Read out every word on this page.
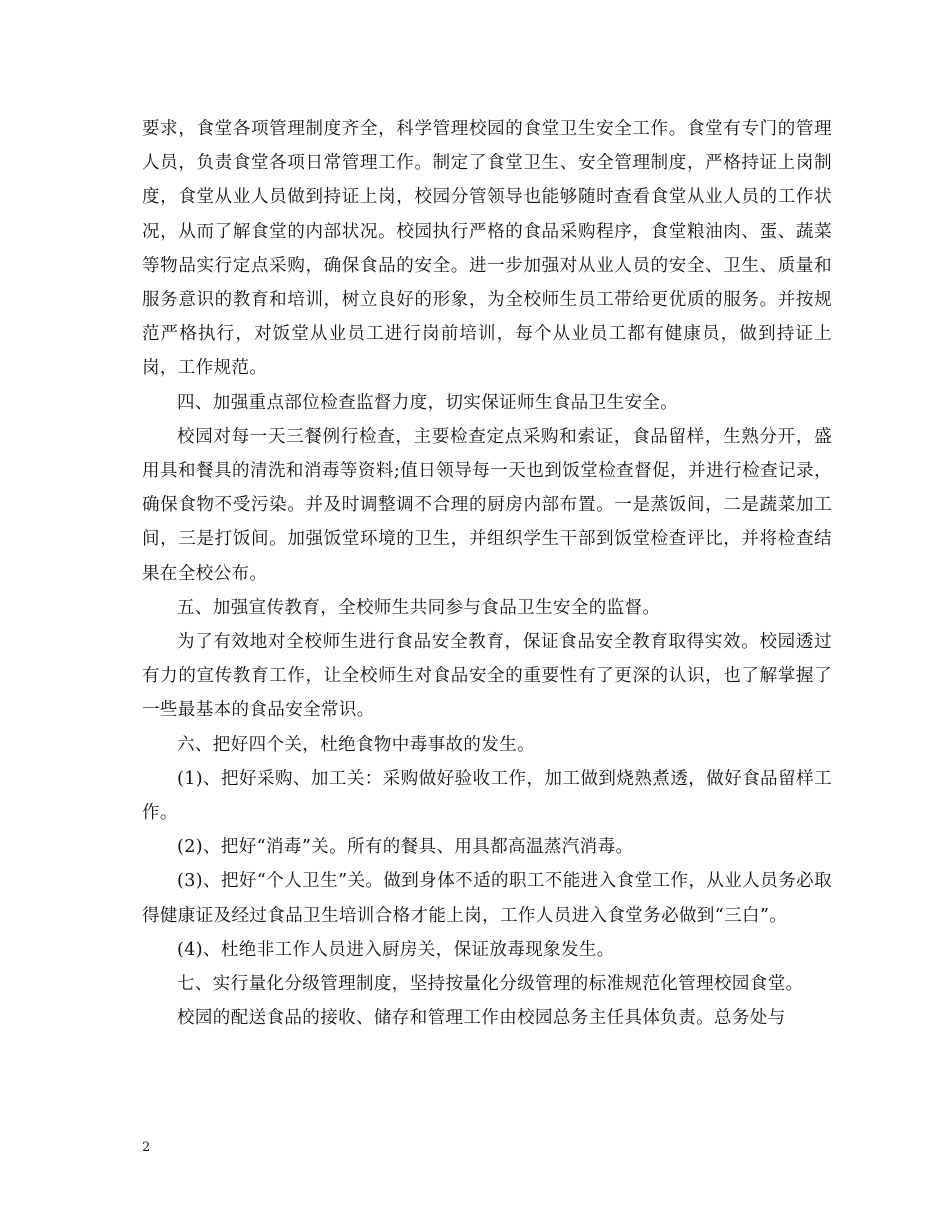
要求，食堂各项管理制度齐全，科学管理校园的食堂卫生安全工作。食堂有专门的管理人员，负责食堂各项日常管理工作。制定了食堂卫生、安全管理制度，严格持证上岗制度，食堂从业人员做到持证上岗，校园分管领导也能够随时查看食堂从业人员的工作状况，从而了解食堂的内部状况。校园执行严格的食品采购程序，食堂粮油肉、蛋、蔬菜等物品实行定点采购，确保食品的安全。进一步加强对从业人员的安全、卫生、质量和服务意识的教育和培训，树立良好的形象，为全校师生员工带给更优质的服务。并按规范严格执行，对饭堂从业员工进行岗前培训，每个从业员工都有健康员，做到持证上岗，工作规范。

四、加强重点部位检查监督力度，切实保证师生食品卫生安全。

校园对每一天三餐例行检查，主要检查定点采购和索证，食品留样，生熟分开，盛用具和餐具的清洗和消毒等资料;值日领导每一天也到饭堂检查督促，并进行检查记录，确保食物不受污染。并及时调整调不合理的厨房内部布置。一是蒸饭间，二是蔬菜加工间，三是打饭间。加强饭堂环境的卫生，并组织学生干部到饭堂检查评比，并将检查结果在全校公布。

五、加强宣传教育，全校师生共同参与食品卫生安全的监督。

为了有效地对全校师生进行食品安全教育，保证食品安全教育取得实效。校园透过有力的宣传教育工作，让全校师生对食品安全的重要性有了更深的认识，也了解掌握了一些最基本的食品安全常识。

六、把好四个关，杜绝食物中毒事故的发生。

(1)、把好采购、加工关：采购做好验收工作，加工做到烧熟煮透，做好食品留样工作。

(2)、把好“消毒”关。所有的餐具、用具都高温蒸汽消毒。

(3)、把好“个人卫生”关。做到身体不适的职工不能进入食堂工作，从业人员务必取得健康证及经过食品卫生培训合格才能上岗，工作人员进入食堂务必做到“三白”。

(4)、杜绝非工作人员进入厨房关，保证放毒现象发生。

七、实行量化分级管理制度，坚持按量化分级管理的标准规范化管理校园食堂。

校园的配送食品的接收、储存和管理工作由校园总务主任具体负责。总务处与

2
